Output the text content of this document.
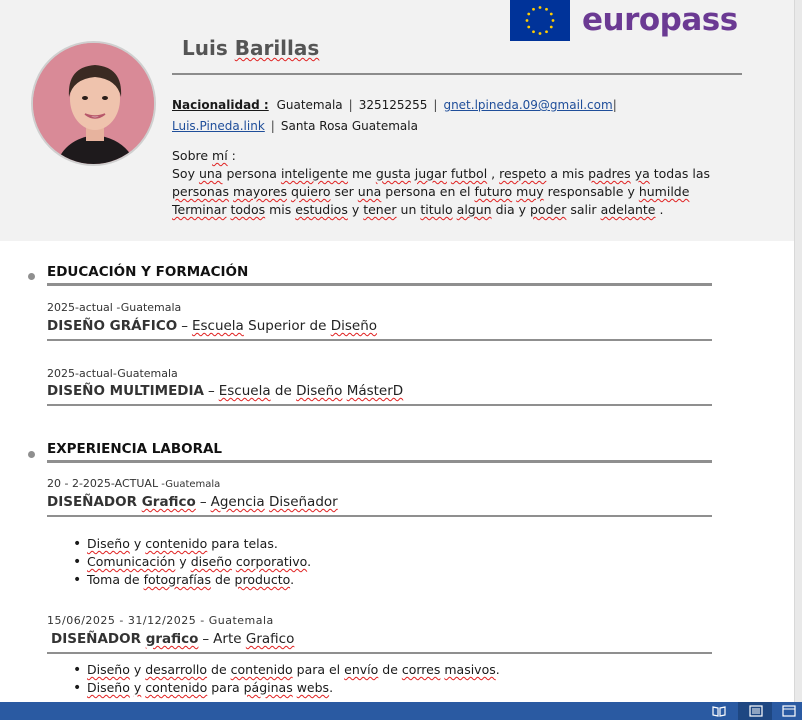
europass
Luis Barillas
Nacionalidad : Guatemala | 325125255 | gnet.lpineda.09@gmail.com|
Luis.Pineda.link | Santa Rosa Guatemala
Sobre mí :
Soy una persona inteligente me gusta jugar futbol , respeto a mis padres ya todas las
personas mayores quiero ser una persona en el futuro muy responsable y humilde
Terminar todos mis estudios y tener un titulo algun dia y poder salir adelante .
EDUCACIÓN Y FORMACIÓN
2025-actual -Guatemala
DISEÑO GRÁFICO – Escuela Superior de Diseño
2025-actual-Guatemala
DISEÑO MULTIMEDIA – Escuela de Diseño MásterD
EXPERIENCIA LABORAL
20 - 2-2025-ACTUAL -Guatemala
DISEÑADOR Grafico – Agencia Diseñador
• Diseño y contenido para telas.
• Comunicación y diseño corporativo.
• Toma de fotografías de producto.
15/06/2025 - 31/12/2025 - Guatemala
DISEÑADOR grafico – Arte Grafico
• Diseño y desarrollo de contenido para el envío de corres masivos.
• Diseño y contenido para páginas webs.
